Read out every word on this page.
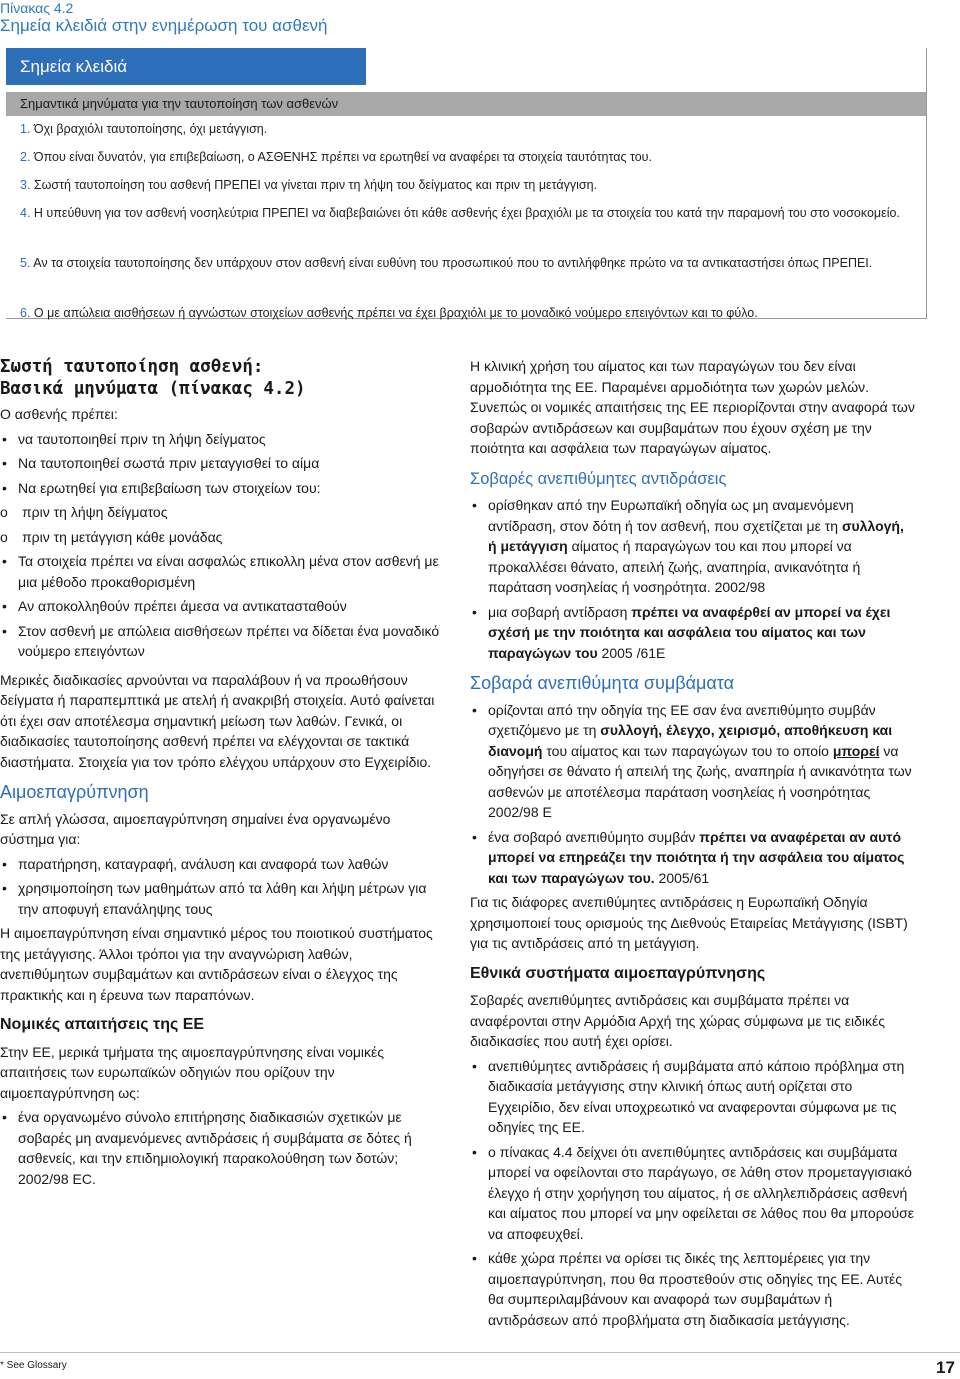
Πίνακας 4.2
Σημεία κλειδιά στην ενημέρωση του ασθενή
Σημεία κλειδιά
Σημαντικά μηνύματα για την ταυτοποίηση των ασθενών
1. Όχι βραχιόλι ταυτοποίησης, όχι μετάγγιση.
2. Όπου είναι δυνατόν, για επιβεβαίωση, ο ΑΣΘΕΝΗΣ πρέπει να ερωτηθεί να αναφέρει τα στοιχεία ταυτότητας του.
3. Σωστή ταυτοποίηση του ασθενή ΠΡΕΠΕΙ να γίνεται πριν τη λήψη του δείγματος και πριν τη μετάγγιση.
4. Η υπεύθυνη για τον ασθενή νοσηλεύτρια ΠΡΕΠΕΙ να διαβεβαιώνει ότι κάθε ασθενής έχει βραχιόλι με τα στοιχεία του κατά την παραμονή του στο νοσοκομείο.
5. Αν τα στοιχεία ταυτοποίησης δεν υπάρχουν στον ασθενή είναι ευθύνη του προσωπικού που το αντιλήφθηκε πρώτο να τα αντικαταστήσει όπως ΠΡΕΠΕΙ.
6. Ο με απώλεια αισθήσεων ή αγνώστων στοιχείων ασθενής πρέπει να έχει βραχιόλι με το μοναδικό νούμερο επειγόντων και το φύλο.
Σωστή ταυτοποίηση ασθενή:
Βασικά μηνύματα (πίνακας 4.2)

Ο ασθενής πρέπει:

• να ταυτοποιηθεί πριν τη λήψη δείγματος
• Να ταυτοποιηθεί σωστά πριν μεταγγισθεί το αίμα
• Να ερωτηθεί για επιβεβαίωση των στοιχείων του:
o πριν τη λήψη δείγματος
o πριν τη μετάγγιση κάθε μονάδας
• Τα στοιχεία πρέπει να είναι ασφαλώς επικολλη μένα στον ασθενή με μια μέθοδο προκαθορισμένη
• Αν αποκολληθούν πρέπει άμεσα να αντικατασταθούν
• Στον ασθενή με απώλεια αισθήσεων πρέπει να δίδεται ένα μοναδικό νούμερο επειγόντων

Μερικές διαδικασίες αρνούνται να παραλάβουν ή να προωθήσουν δείγματα ή παραπεμπτικά με ατελή ή ανακριβή στοιχεία. Αυτό φαίνεται ότι έχει σαν αποτέλεσμα σημαντική μείωση των λαθών. Γενικά, οι διαδικασίες ταυτοποίησης ασθενή πρέπει να ελέγχονται σε τακτικά διαστήματα. Στοιχεία για τον τρόπο ελέγχου υπάρχουν στο Εγχειρίδιο.

Αιμοεπαγρύπνηση

Σε απλή γλώσσα, αιμοεπαγρύπνηση σημαίνει ένα οργανωμένο σύστημα για:

• παρατήρηση, καταγραφή, ανάλυση και αναφορά των λαθών
• χρησιμοποίηση των μαθημάτων από τα λάθη και λήψη μέτρων για την αποφυγή επανάληψης τους

Η αιμοεπαγρύπνηση είναι σημαντικό μέρος του ποιοτικού συστήματος της μετάγγισης. Άλλοι τρόποι για την αναγνώριση λαθών, ανεπιθύμητων συμβαμάτων και αντιδράσεων είναι ο έλεγχος της πρακτικής και η έρευνα των παραπόνων.

Νομικές απαιτήσεις της ΕΕ

Στην ΕΕ, μερικά τμήματα της αιμοεπαγρύπνησης είναι νομικές απαιτήσεις των ευρωπαϊκών οδηγιών που ορίζουν την αιμοεπαγρύπνηση ως:

• ένα οργανωμένο σύνολο επιτήρησης διαδικασιών σχετικών με σοβαρές μη αναμενόμενες αντιδράσεις ή συμβάματα σε δότες ή ασθενείς, και την επιδημιολογική παρακολούθηση των δοτών; 2002/98 EC.

Η κλινική χρήση του αίματος και των παραγώγων του δεν είναι αρμοδιότητα της ΕΕ. Παραμένει αρμοδιότητα των χωρών μελών. Συνεπώς οι νομικές απαιτήσεις της ΕΕ περιορίζονται στην αναφορά των σοβαρών αντιδράσεων και συμβαμάτων που έχουν σχέση με την ποιότητα και ασφάλεια των παραγώγων αίματος.

Σοβαρές ανεπιθύμητες αντιδράσεις
• ορίσθηκαν από την Ευρωπαϊκή οδηγία ως μη αναμενόμενη αντίδραση, στον δότη ή τον ασθενή, που σχετίζεται με τη συλλογή, ή μετάγγιση αίματος ή παραγώγων του και που μπορεί να προκαλλέσει θάνατο, απειλή ζωής, αναπηρία, ανικανότητα ή παράταση νοσηλείας ή νοσηρότητα. 2002/98
• μια σοβαρή αντίδραση πρέπει να αναφέρθεί αν μπορεί να έχει σχέσή με την ποιότητα και ασφάλεια του αίματος και των παραγώγων του 2005 /61Ε
Σοβαρά ανεπιθύμητα συμβάματα
• ορίζονται από την οδηγία της ΕΕ σαν ένα ανεπιθύμητο συμβάν σχετιζόμενο με τη συλλογή, έλεγχο, χειρισμό, αποθήκευση και διανομή του αίματος και των παραγώγων του το οποίο μπορεί να οδηγήσει σε θάνατο ή απειλή της ζωής, αναπηρία ή ανικανότητα των ασθενών με αποτέλεσμα παράταση νοσηλείας ή νοσηρότητας 2002/98 Ε
• ένα σοβαρό ανεπιθύμητο συμβάν πρέπει να αναφέρεται αν αυτό μπορεί να επηρεάζει την ποιότητα ή την ασφάλεια του αίματος και των παραγώγων του. 2005/61

Για τις διάφορες ανεπιθύμητες αντιδράσεις η Ευρωπαϊκή Οδηγία χρησιμοποιεί τους ορισμούς της Διεθνούς Εταιρείας Μετάγγισης (ISBT) για τις αντιδράσεις από τη μετάγγιση.

Εθνικά συστήματα αιμοεπαγρύπνησης

Σοβαρές ανεπιθύμητες αντιδράσεις και συμβάματα πρέπει να αναφέρονται στην Αρμόδια Αρχή της χώρας σύμφωνα με τις ειδικές διαδικασίες που αυτή έχει ορίσει.

• ανεπιθύμητες αντιδράσεις ή συμβάματα από κάποιο πρόβλημα στη διαδικασία μετάγγισης στην κλινική όπως αυτή ορίζεται στο Εγχειρίδιο, δεν είναι υποχρεωτικό να αναφερονται σύμφωνα με τις οδηγίες της ΕΕ.
• ο πίνακας 4.4 δείχνει ότι ανεπιθύμητες αντιδράσεις και συμβάματα μπορεί να οφείλονται στο παράγωγο, σε λάθη στον προμεταγγισιακό έλεγχο ή στην χορήγηση του αίματος, ή σε αλληλεπιδράσεις ασθενή και αίματος που μπορεί να μην οφείλεται σε λάθος που θα μπορούσε να αποφευχθεί.
• κάθε χώρα πρέπει να ορίσει τις δικές της λεπτομέρειες για την αιμοεπαγρύπνηση, που θα προστεθούν στις οδηγίες της ΕΕ. Αυτές θα συμπεριλαμβάνουν και αναφορά των συμβαμάτων ή αντιδράσεων από προβλήματα στη διαδικασία μετάγγισης.
* See Glossary	17
